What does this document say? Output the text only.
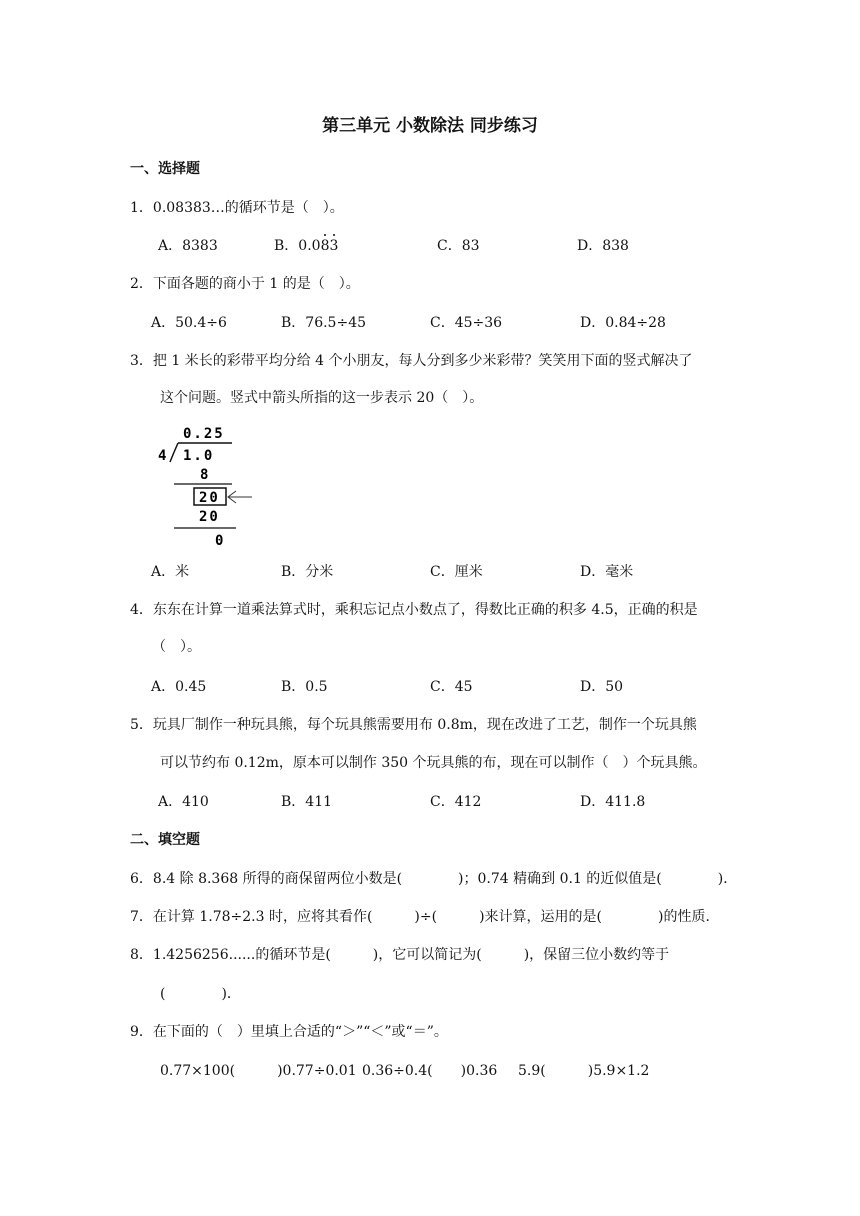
第三单元 小数除法 同步练习
一、选择题
1．0.08383…的循环节是（　）。
A．8383	B．0.083	C．83	D．838
2．下面各题的商小于 1 的是（　）。
A．50.4÷6	B．76.5÷45	C．45÷36	D．0.84÷28
3．把 1 米长的彩带平均分给 4 个小朋友，每人分到多少米彩带？笑笑用下面的竖式解决了
这个问题。竖式中箭头所指的这一步表示 20（　）。
0.25
4 1.0
8
20
20
0
A．米	B．分米	C．厘米	D．毫米
4．东东在计算一道乘法算式时，乘积忘记点小数点了，得数比正确的积多 4.5，正确的积是
（　）。
A．0.45	B．0.5	C．45	D．50
5．玩具厂制作一种玩具熊，每个玩具熊需要用布 0.8m，现在改进了工艺，制作一个玩具熊
可以节约布 0.12m，原本可以制作 350 个玩具熊的布，现在可以制作（　）个玩具熊。
A．410	B．411	C．412	D．411.8
二、填空题
6．8.4 除 8.368 所得的商保留两位小数是(　　　　)；0.74 精确到 0.1 的近似值是(　　　　)．
7．在计算 1.78÷2.3 时，应将其看作(　　　)÷(　　　)来计算，运用的是(　　　　)的性质．
8．1.4256256......的循环节是(　　　)，它可以简记为(　　　)，保留三位小数约等于
(　　　　)．
9．在下面的（　）里填上合适的“＞”“＜”或“＝”。
0.77×100(　　　)0.77÷0.01 0.36÷0.4(　　)0.36 5.9(　　　)5.9×1.2
